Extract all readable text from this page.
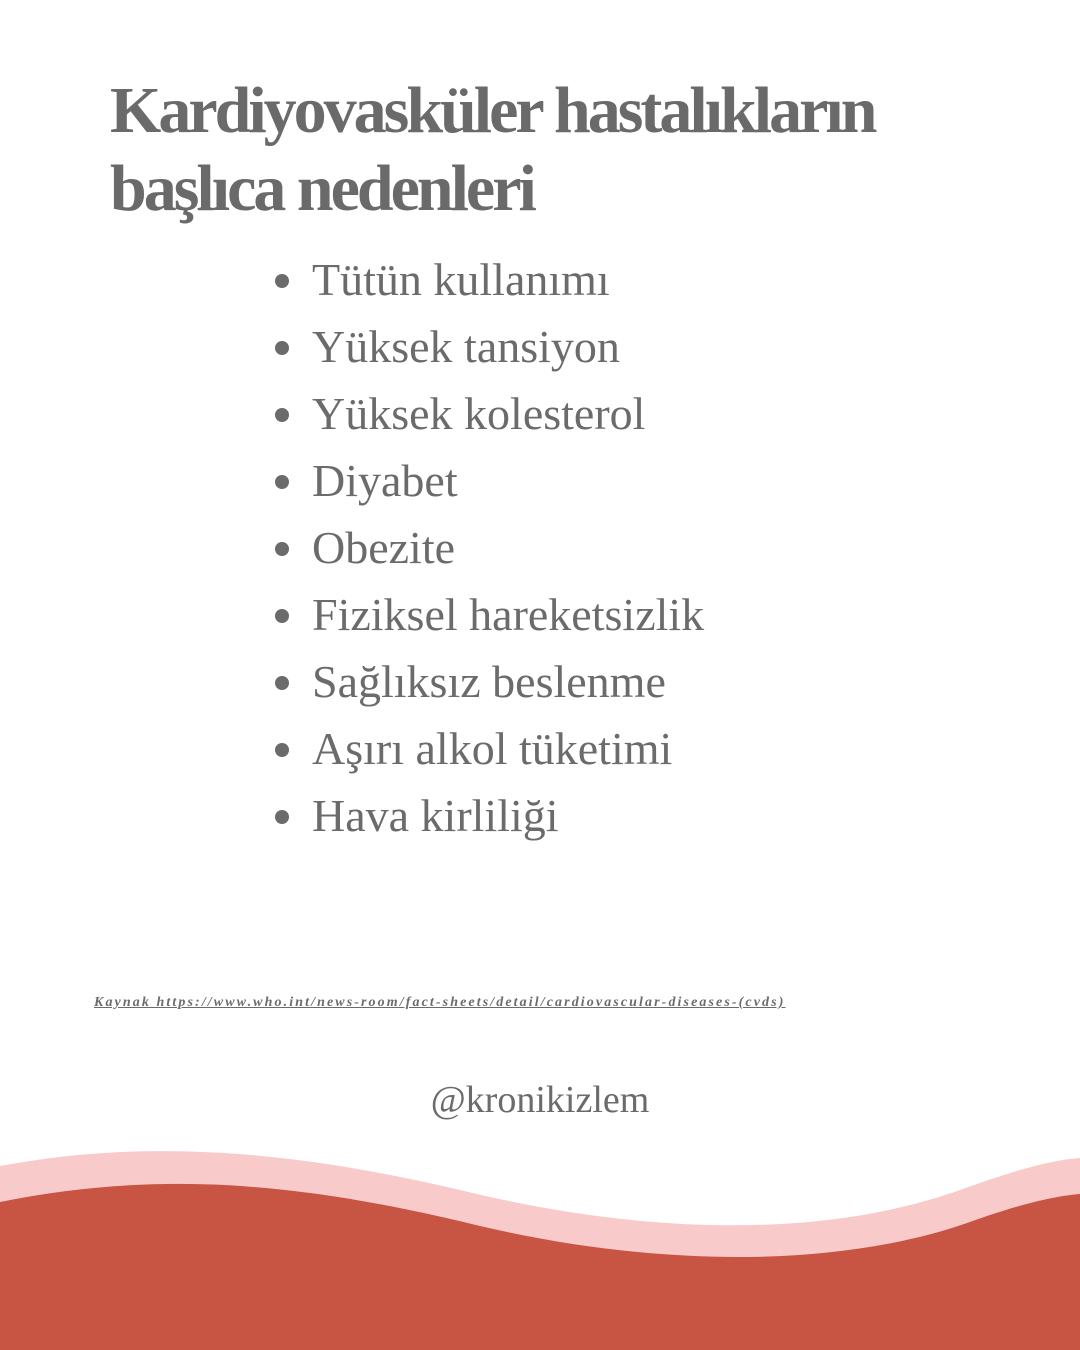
Kardiyovasküler hastalıkların
başlıca nedenleri
Tütün kullanımı
Yüksek tansiyon
Yüksek kolesterol
Diyabet
Obezite
Fiziksel hareketsizlik
Sağlıksız beslenme
Aşırı alkol tüketimi
Hava kirliliği
Kaynak https://www.who.int/news-room/fact-sheets/detail/cardiovascular-diseases-(cvds)
@kronikizlem
